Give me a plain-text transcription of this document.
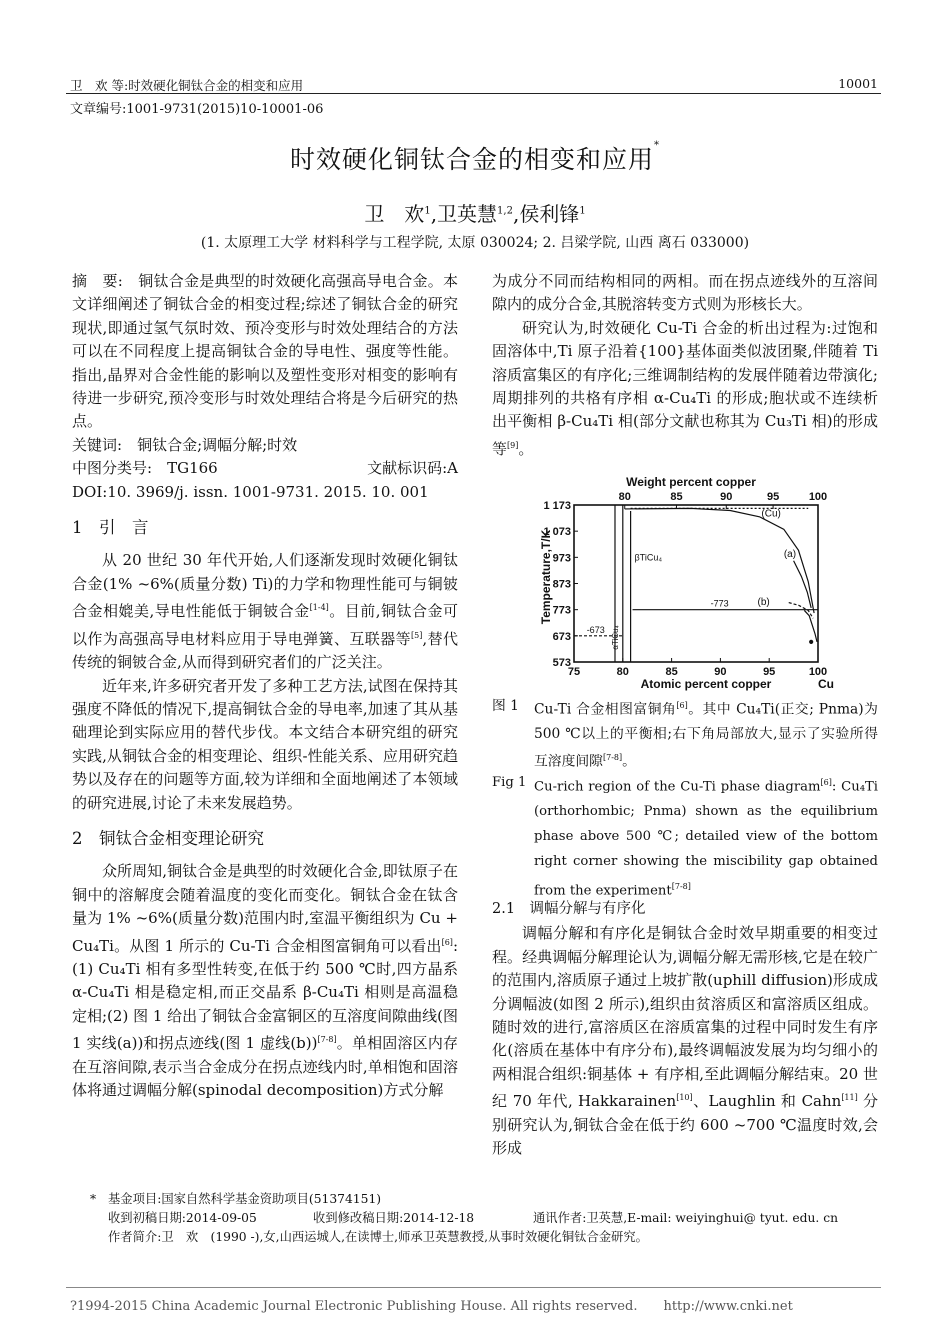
卫　欢 等:时效硬化铜钛合金的相变和应用	10001
文章编号:1001-9731(2015)10-10001-06
时效硬化铜钛合金的相变和应用*
卫　欢$^1$,卫英慧$^{1,2}$,侯利锋$^1$
(1. 太原理工大学 材料科学与工程学院, 太原 030024; 2. 吕梁学院, 山西 离石 033000)

摘　要:　 铜钛合金是典型的时效硬化高强高导电合金。本文详细阐述了铜钛合金的相变过程;综述了铜钛合金的研究现状,即通过氢气氛时效、预冷变形与时效处理结合的方法可以在不同程度上提高铜钛合金的导电性、强度等性能。指出,晶界对合金性能的影响以及塑性变形对相变的影响有待进一步研究,预冷变形与时效处理结合将是今后研究的热点。

关键词:　 铜钛合金;调幅分解;时效

中图分类号:　 TG166	文献标识码:A

DOI:10. 3969/j. issn. 1001-9731. 2015. 10. 001

1　引　言

从 20 世纪 30 年代开始,人们逐渐发现时效硬化铜钛合金(1% ~6%(质量分数) Ti)的力学和物理性能可与铜铍合金相媲美,导电性能低于铜铍合金[1-4]。目前,铜钛合金可以作为高强高导电材料应用于导电弹簧、互联器等[5],替代传统的铜铍合金,从而得到研究者们的广泛关注。

近年来,许多研究者开发了多种工艺方法,试图在保持其强度不降低的情况下,提高铜钛合金的导电率,加速了其从基础理论到实际应用的替代步伐。本文结合本研究组的研究实践,从铜钛合金的相变理论、组织-性能关系、应用研究趋势以及存在的问题等方面,较为详细和全面地阐述了本领域的研究进展,讨论了未来发展趋势。

2　铜钛合金相变理论研究

众所周知,铜钛合金是典型的时效硬化合金,即钛原子在铜中的溶解度会随着温度的变化而变化。铜钛合金在钛含量为 1% ~6%(质量分数)范围内时,室温平衡组织为 Cu + Cu₄Ti。从图 1 所示的 Cu-Ti 合金相图富铜角可以看出[6]:(1) Cu₄Ti 相有多型性转变,在低于约 500 ℃时,四方晶系 α-Cu₄Ti 相是稳定相,而正交晶系 β-Cu₄Ti 相则是高温稳定相;(2) 图 1 给出了铜钛合金富铜区的互溶度间隙曲线(图 1 实线(a))和拐点迹线(图 1 虚线(b))[7-8]。单相固溶区内存在互溶间隙,表示当合金成分在拐点迹线内时,单相饱和固溶体将通过调幅分解(spinodal decomposition)方式分解

为成分不同而结构相同的两相。而在拐点迹线外的互溶间隙内的成分合金,其脱溶转变方式则为形核长大。

研究认为,时效硬化 Cu-Ti 合金的析出过程为:过饱和固溶体中,Ti 原子沿着{100}基体面类似波团聚,伴随着 Ti 溶质富集区的有序化;三维调制结构的发展伴随着边带演化;周期排列的共格有序相 α-Cu₄Ti 的形成;胞状或不连续析出平衡相 β-Cu₄Ti 相(部分文献也称其为 Cu₃Ti 相)的形成等[9]。

Weight percent copper
80	85	90	95	100
1 173
1 073
973
873
773
673
573
75	80	85	90	95	100
Atomic percent copper	Cu
Temperature,T/K
(Cu)
βTiCu₄
αTiCu₄
(a)
(b)
-773
-673
图 1	Cu-Ti 合金相图富铜角[6]。其中 Cu₄Ti(正交; Pnma)为 500 ℃以上的平衡相;右下角局部放大,显示了实验所得互溶度间隙[7-8]。
Fig 1 Cu-rich region of the Cu-Ti phase diagram[6]: Cu₄Ti (orthorhombic; Pnma) shown as the equilibrium phase above 500 ℃; detailed view of the bottom right corner showing the miscibility gap obtained from the experiment[7-8]

2.1　调幅分解与有序化

调幅分解和有序化是铜钛合金时效早期重要的相变过程。经典调幅分解理论认为,调幅分解无需形核,它是在较广的范围内,溶质原子通过上坡扩散(uphill diffusion)形成成分调幅波(如图 2 所示),组织由贫溶质区和富溶质区组成。随时效的进行,富溶质区在溶质富集的过程中同时发生有序化(溶质在基体中有序分布),最终调幅波发展为均匀细小的两相混合组织:铜基体 + 有序相,至此调幅分解结束。20 世纪 70 年代, Hakkarainen[10]、Laughlin 和 Cahn[11] 分别研究认为,铜钛合金在低于约 600 ~700 ℃温度时效,会形成

* 基金项目:国家自然科学基金资助项目(51374151)
收到初稿日期:2014-09-05	收到修改稿日期:2014-12-18	通讯作者:卫英慧,E-mail: weiyinghui@ tyut. edu. cn
作者简介:卫　欢　(1990 -),女,山西运城人,在读博士,师承卫英慧教授,从事时效硬化铜钛合金研究。
?1994-2015 China Academic Journal Electronic Publishing House. All rights reserved.　　http://www.cnki.net
